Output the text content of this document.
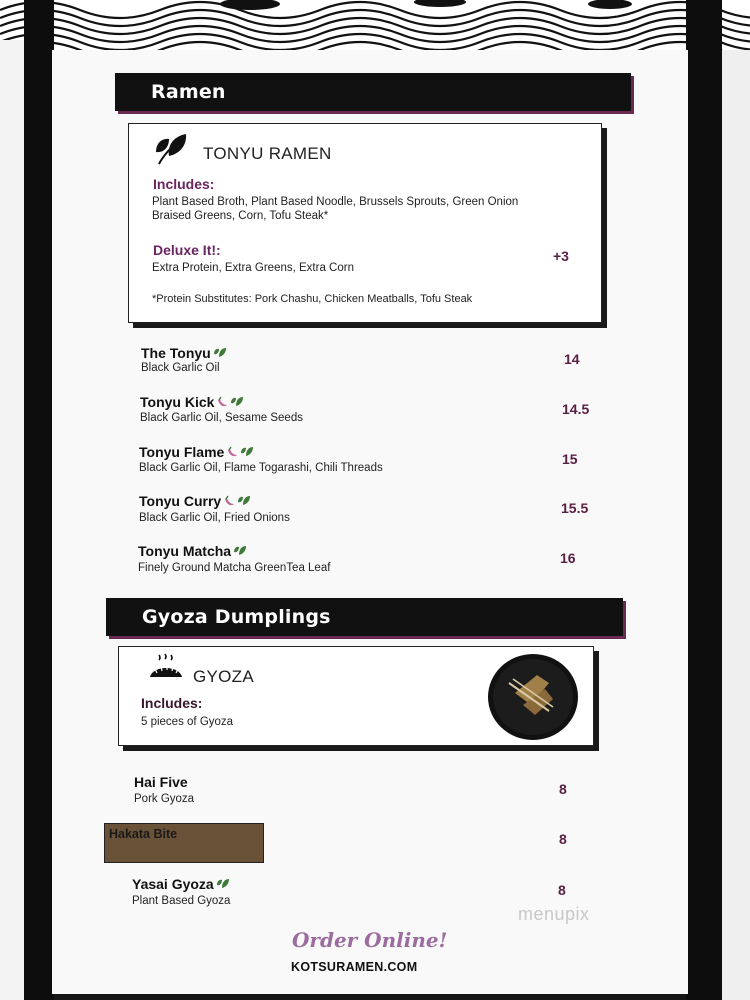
Ramen
TONYU RAMEN
Includes:
Plant Based Broth, Plant Based Noodle, Brussels Sprouts, Green Onion
Braised Greens, Corn, Tofu Steak*
Deluxe It!:
Extra Protein, Extra Greens, Extra Corn
+3
*Protein Substitutes: Pork Chashu, Chicken Meatballs, Tofu Steak
The Tonyu
Black Garlic Oil
14
Tonyu Kick
Black Garlic Oil, Sesame Seeds
14.5
Tonyu Flame
Black Garlic Oil, Flame Togarashi, Chili Threads
15
Tonyu Curry
Black Garlic Oil, Fried Onions
15.5
Tonyu Matcha
Finely Ground Matcha GreenTea Leaf
16
Gyoza Dumplings
GYOZA
Includes:
5 pieces of Gyoza
Hai Five
Pork Gyoza
8
Hakata Bite	8
Yasai Gyoza
Plant Based Gyoza
8
Order Online!
KOTSURAMEN.COM
menupix
